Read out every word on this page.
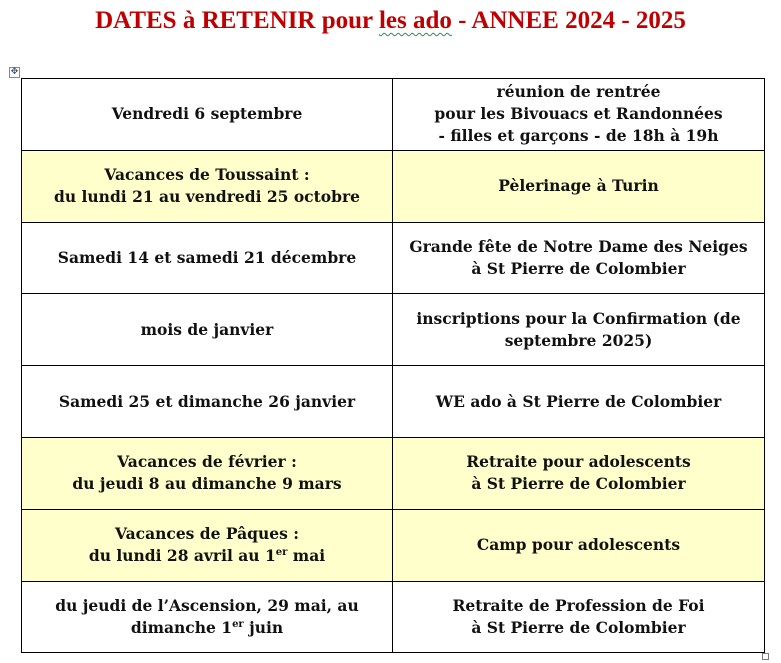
DATES à RETENIR pour les ado - ANNEE 2024 - 2025
✥
Vendredi 6 septembre	réunion de rentrée
pour les Bivouacs et Randonnées
- filles et garçons - de 18h à 19h

Vacances de Toussaint :
du lundi 21 au vendredi 25 octobre	Pèlerinage à Turin

Samedi 14 et samedi 21 décembre	Grande fête de Notre Dame des Neiges
à St Pierre de Colombier

mois de janvier	inscriptions pour la Confirmation (de
septembre 2025)

Samedi 25 et dimanche 26 janvier	WE ado à St Pierre de Colombier

Vacances de février :
du jeudi 8 au dimanche 9 mars	Retraite pour adolescents
à St Pierre de Colombier

Vacances de Pâques :
du lundi 28 avril au 1er mai	Camp pour adolescents

du jeudi de l’Ascension, 29 mai, au
dimanche 1er juin	Retraite de Profession de Foi
à St Pierre de Colombier
